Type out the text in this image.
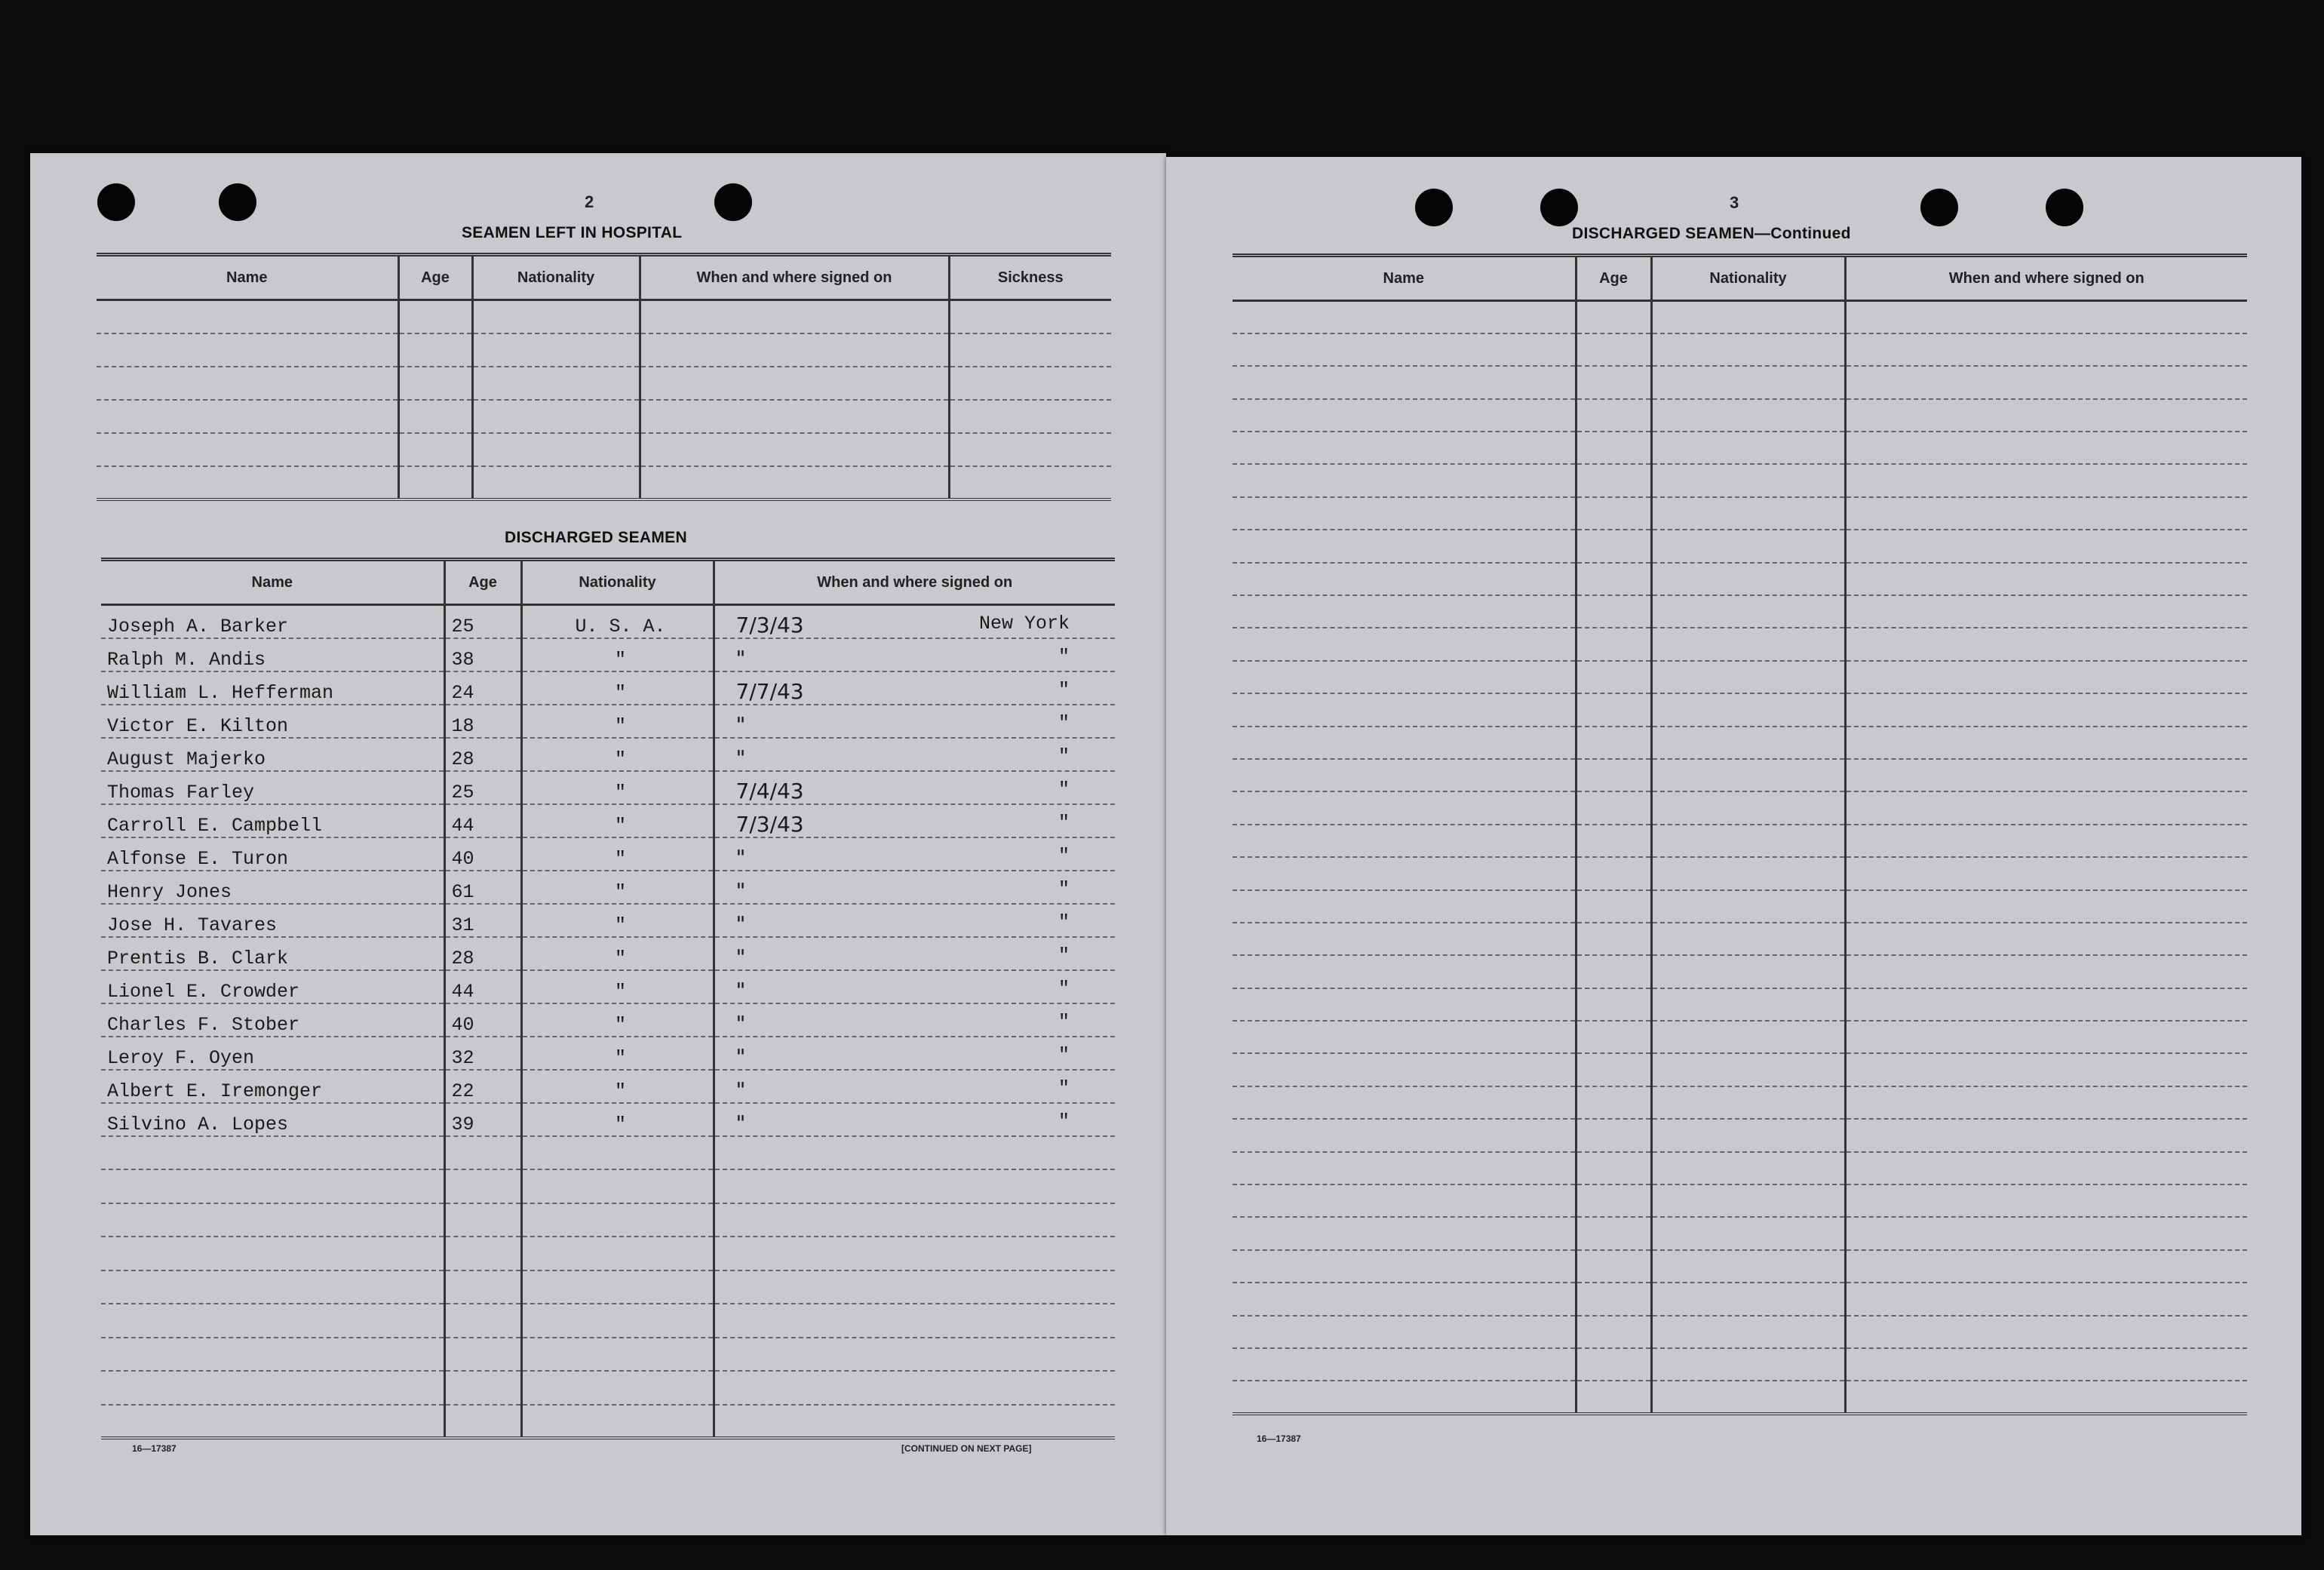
2
SEAMEN LEFT IN HOSPITAL
Name	Age	Nationality	When and where signed on	Sickness

DISCHARGED SEAMEN
Name	Age	Nationality	When and where signed on
Joseph A. Barker	25	U. S. A.	7/3/43 New York

Ralph M. Andis	38	"	" "

William L. Hefferman	24	"	7/7/43 "

Victor E. Kilton	18	"	" "

August Majerko	28	"	" "

Thomas Farley	25	"	7/4/43 "

Carroll E. Campbell	44	"	7/3/43 "

Alfonse E. Turon	40	"	" "

Henry Jones	61	"	" "

Jose H. Tavares	31	"	" "

Prentis B. Clark	28	"	" "

Lionel E. Crowder	44	"	" "

Charles F. Stober	40	"	" "

Leroy F. Oyen	32	"	" "

Albert E. Iremonger	22	"	" "

Silvino A. Lopes	39	"	" "

16—17387	[CONTINUED ON NEXT PAGE]
3
DISCHARGED SEAMEN—Continued
Name	Age	Nationality	When and where signed on

16—17387
